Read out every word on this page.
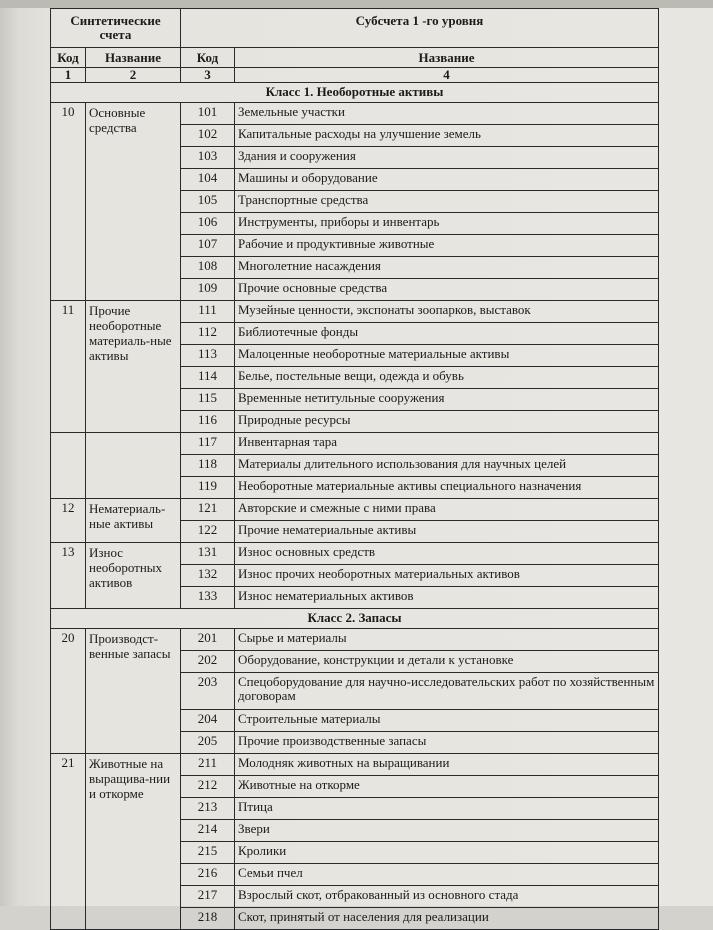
Синтетические счета		Субсчета 1 -го уровня	
Код	Название	Код	Название
1	2	3	4
Класс 1. Необоротные активы			
10	Основные средства	101	Земельные участки
		102	Капитальные расходы на улучшение земель
		103	Здания и сооружения
		104	Машины и оборудование
		105	Транспортные средства
		106	Инструменты, приборы и инвентарь
		107	Рабочие и продуктивные животные
		108	Многолетние насаждения
		109	Прочие основные средства
11	Прочие необоротные материаль-ные активы	111	Музейные ценности, экспонаты зоопарков, выставок
		112	Библиотечные фонды
		113	Малоценные необоротные материальные активы
		114	Белье, постельные вещи, одежда и обувь
		115	Временные нетитульные сооружения
		116	Природные ресурсы
		117	Инвентарная тара
		118	Материалы длительного использования для научных целей
		119	Необоротные материальные активы специального назначения
12	Нематериаль-ные активы	121	Авторские и смежные с ними права
		122	Прочие нематериальные активы
13	Износ необоротных активов	131	Износ основных средств
		132	Износ прочих необоротных материальных активов
		133	Износ нематериальных активов
Класс 2. Запасы			
20	Производст-венные запасы	201	Сырье и материалы
		202	Оборудование, конструкции и детали к установке
		203	Спецоборудование для научно-исследовательских работ по хозяйственным договорам
		204	Строительные материалы
		205	Прочие производственные запасы
21	Животные на выращива-нии и откорме	211	Молодняк животных на выращивании
		212	Животные на откорме
		213	Птица
		214	Звери
		215	Кролики
		216	Семьи пчел
		217	Взрослый скот, отбракованный из основного стада
		218	Скот, принятый от населения для реализации
